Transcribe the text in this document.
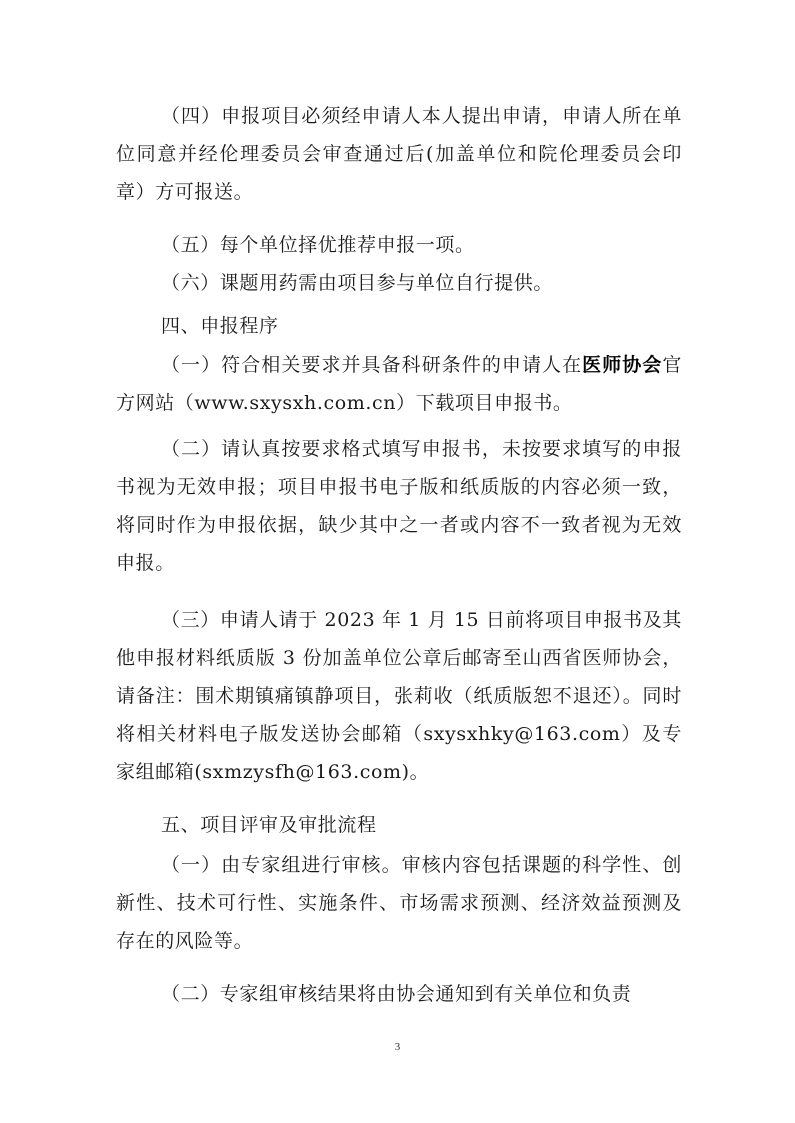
（四）申报项目必须经申请人本人提出申请，申请人所在单位同意并经伦理委员会审查通过后(加盖单位和院伦理委员会印章）方可报送。

（五）每个单位择优推荐申报一项。

（六）课题用药需由项目参与单位自行提供。

四、申报程序

（一）符合相关要求并具备科研条件的申请人在医师协会官方网站（www.sxysxh.com.cn）下载项目申报书。

（二）请认真按要求格式填写申报书，未按要求填写的申报书视为无效申报；项目申报书电子版和纸质版的内容必须一致，将同时作为申报依据，缺少其中之一者或内容不一致者视为无效申报。

（三）申请人请于 2023 年 1 月 15 日前将项目申报书及其他申报材料纸质版 3 份加盖单位公章后邮寄至山西省医师协会，请备注：围术期镇痛镇静项目，张莉收（纸质版恕不退还）。同时将相关材料电子版发送协会邮箱（sxysxhky@163.com）及专家组邮箱(sxmzysfh@163.com)。

五、项目评审及审批流程

（一）由专家组进行审核。审核内容包括课题的科学性、创新性、技术可行性、实施条件、市场需求预测、经济效益预测及存在的风险等。

（二）专家组审核结果将由协会通知到有关单位和负责

3
